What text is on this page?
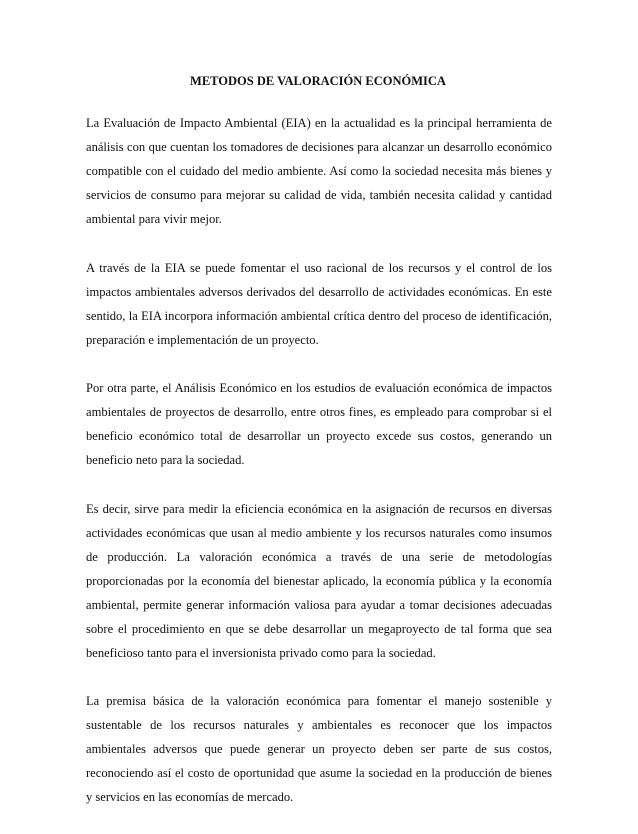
METODOS DE VALORACIÓN ECONÓMICA

La Evaluación de Impacto Ambiental (EIA) en la actualidad es la principal herramienta de análisis con que cuentan los tomadores de decisiones para alcanzar un desarrollo económico compatible con el cuidado del medio ambiente. Así como la sociedad necesita más bienes y servicios de consumo para mejorar su calidad de vida, también necesita calidad y cantidad ambiental para vivir mejor.

A través de la EIA se puede fomentar el uso racional de los recursos y el control de los impactos ambientales adversos derivados del desarrollo de actividades económicas. En este sentido, la EIA incorpora información ambiental crítica dentro del proceso de identificación, preparación e implementación de un proyecto.

Por otra parte, el Análisis Económico en los estudios de evaluación económica de impactos ambientales de proyectos de desarrollo, entre otros fines, es empleado para comprobar si el beneficio económico total de desarrollar un proyecto excede sus costos, generando un beneficio neto para la sociedad.

Es decir, sirve para medir la eficiencia económica en la asignación de recursos en diversas actividades económicas que usan al medio ambiente y los recursos naturales como insumos de producción. La valoración económica a través de una serie de metodologías proporcionadas por la economía del bienestar aplicado, la economía pública y la economía ambiental, permite generar información valiosa para ayudar a tomar decisiones adecuadas sobre el procedimiento en que se debe desarrollar un megaproyecto de tal forma que sea beneficioso tanto para el inversionista privado como para la sociedad.

La premisa básica de la valoración económica para fomentar el manejo sostenible y sustentable de los recursos naturales y ambientales es reconocer que los impactos ambientales adversos que puede generar un proyecto deben ser parte de sus costos, reconociendo así el costo de oportunidad que asume la sociedad en la producción de bienes y servicios en las economías de mercado.
